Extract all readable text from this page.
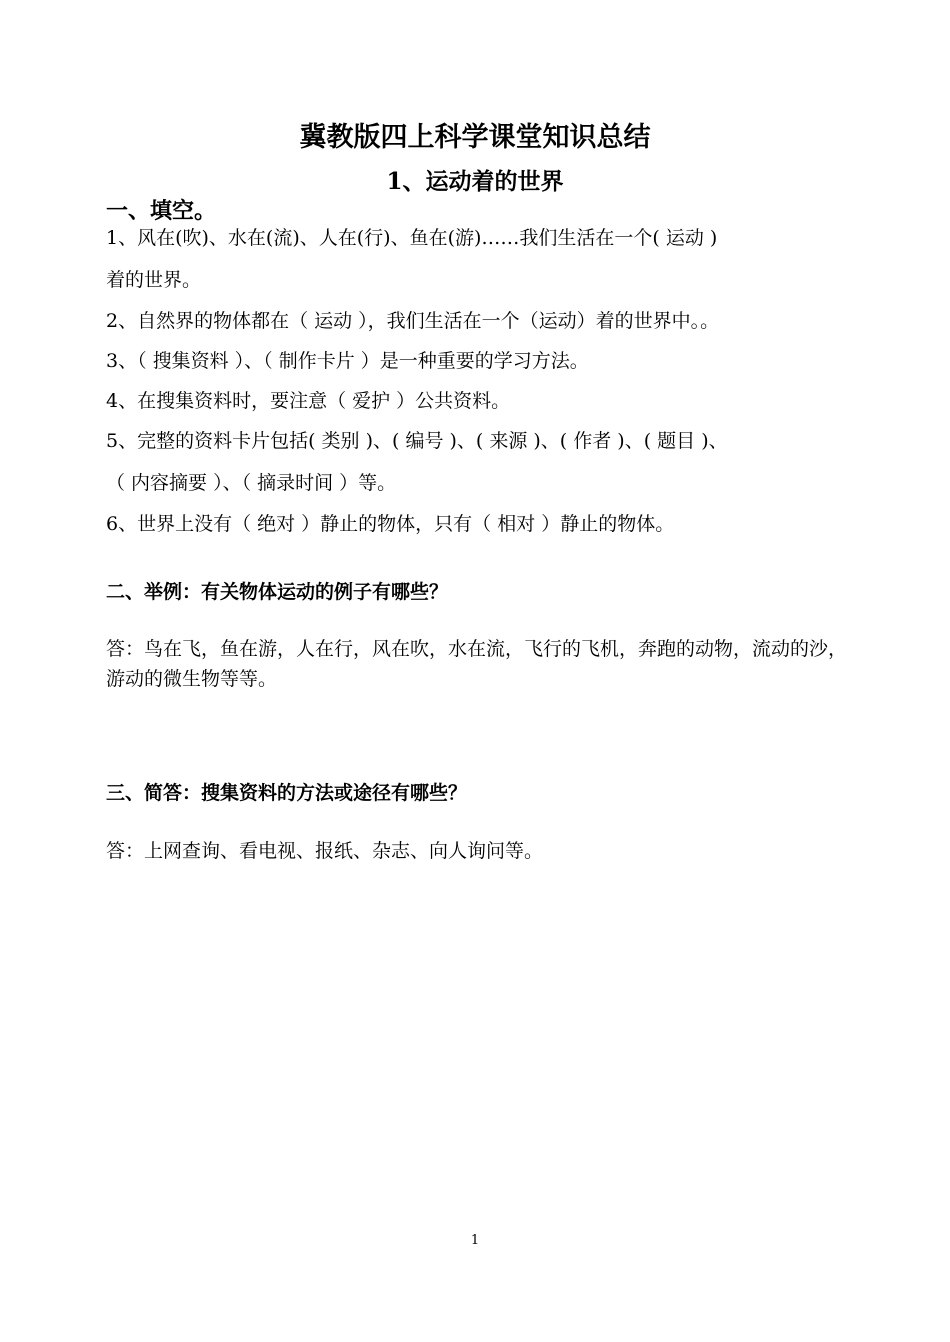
冀教版四上科学课堂知识总结
1、运动着的世界
一、填空。
1、风在(吹)、水在(流)、人在(行)、鱼在(游)……我们生活在一个( 运动 )
着的世界。
2、自然界的物体都在（ 运动 ），我们生活在一个（运动）着的世界中。。
3、（ 搜集资料 ）、（ 制作卡片 ）是一种重要的学习方法。
4、在搜集资料时，要注意（ 爱护 ）公共资料。
5、完整的资料卡片包括( 类别 )、( 编号 )、( 来源 )、( 作者 )、( 题目 )、
（ 内容摘要 ）、（ 摘录时间 ）等。
6、世界上没有（ 绝对 ）静止的物体，只有（ 相对 ）静止的物体。
二、举例：有关物体运动的例子有哪些？
答：鸟在飞，鱼在游，人在行，风在吹，水在流，飞行的飞机，奔跑的动物，流动的沙，游动的微生物等等。
三、简答：搜集资料的方法或途径有哪些？
答：上网查询、看电视、报纸、杂志、向人询问等。
1
